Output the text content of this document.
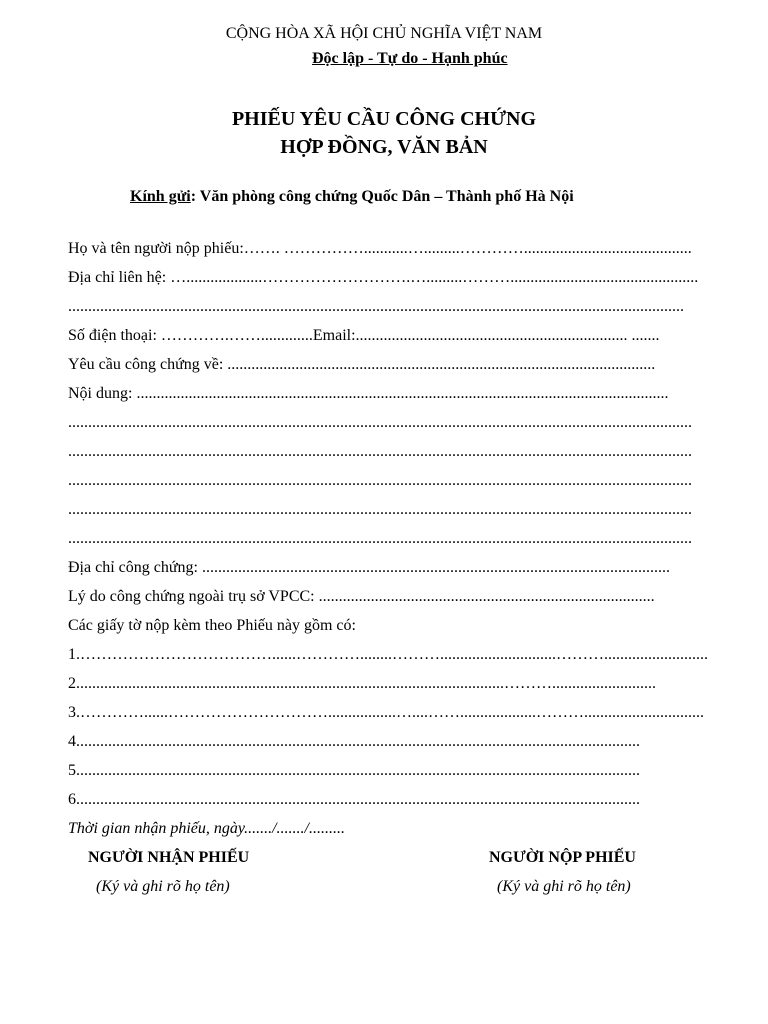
CỘNG HÒA XÃ HỘI CHỦ NGHĨA VIỆT NAM
Độc lập - Tự do - Hạnh phúc
PHIẾU YÊU CẦU CÔNG CHỨNG
HỢP ĐỒNG, VĂN BẢN
Kính gửi: Văn phòng công chứng Quốc Dân – Thành phố Hà Nội
Họ và tên người nộp phiếu:……. ……………...........….........…………..........................................
Địa chỉ liên hệ: …...................……………………….….........………...............................................
..........................................................................................................................................................
Số điện thoại: ………….…….............Email:.................................................................... .......
Yêu cầu công chứng về: ...........................................................................................................
Nội dung: .....................................................................................................................................
............................................................................................................................................................
............................................................................................................................................................
............................................................................................................................................................
............................................................................................................................................................
............................................................................................................................................................
Địa chỉ công chứng: .....................................................................................................................
Lý do công chứng ngoài trụ sở VPCC: ....................................................................................
Các giấy tờ nộp kèm theo Phiếu này gồm có:
1.………………………………......…………........……….............................………..........................
2...........................................................................................................………..........................
3.…………......………………………….................…....……...................………..............................
4.............................................................................................................................................
5.............................................................................................................................................
6.............................................................................................................................................
Thời gian nhận phiếu, ngày......./......./.........
NGƯỜI NHẬN PHIẾU
(Ký và ghi rõ họ tên)
NGƯỜI NỘP PHIẾU
(Ký và ghi rõ họ tên)
